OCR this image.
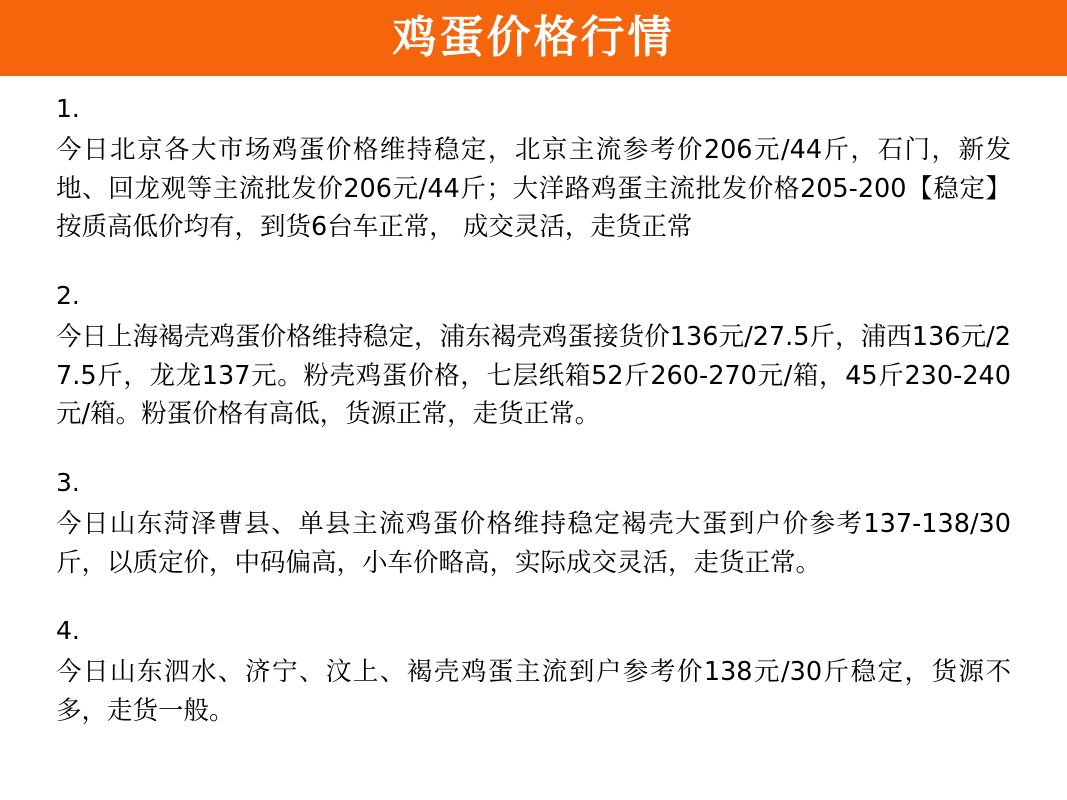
鸡蛋价格行情

1.

今日北京各大市场鸡蛋价格维持稳定，北京主流参考价206元/44斤，石门，新发地、回龙观等主流批发价206元/44斤；大洋路鸡蛋主流批发价格205-200【稳定】按质高低价均有，到货6台车正常， 成交灵活，走货正常

2.

今日上海褐壳鸡蛋价格维持稳定，浦东褐壳鸡蛋接货价136元/27.5斤，浦西136元/27.5斤，龙龙137元。粉壳鸡蛋价格，七层纸箱52斤260-270元/箱，45斤230-240元/箱。粉蛋价格有高低，货源正常，走货正常。

3.

今日山东菏泽曹县、单县主流鸡蛋价格维持稳定褐壳大蛋到户价参考137-138/30斤，以质定价，中码偏高，小车价略高，实际成交灵活，走货正常。

4.

今日山东泗水、济宁、汶上、褐壳鸡蛋主流到户参考价138元/30斤稳定，货源不多，走货一般。
